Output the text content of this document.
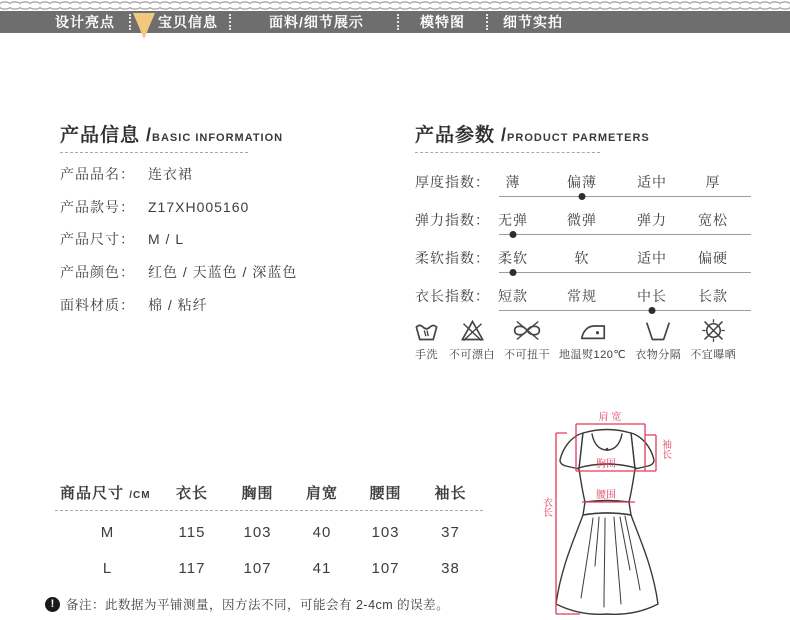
设计亮点	宝贝信息	面料/细节展示	模特图	细节实拍
产品信息 /BASIC INFORMATION
产品品名： 连衣裙
产品款号： Z17XH005160
产品尺寸： M / L
产品颜色： 红色 / 天蓝色 / 深蓝色
面料材质： 棉 / 粘纤
产品参数 /PRODUCT PARMETERS
厚度指数： 薄	偏薄	适中	厚
弹力指数： 无弹	微弹	弹力 宽松
柔软指数： 柔软	软	适中 偏硬
衣长指数： 短款	常规	中长 长款
手洗 不可漂白 不可扭干 地温熨120℃ 衣物分隔 不宜曝晒
商品尺寸 /CM	衣长	胸围	肩宽	腰围	袖长
M	115	103	40	103	37
L	117	107	41	107	38
! 备注：此数据为平铺测量，因方法不同，可能会有 2-4cm 的误差。
肩 宽
胸围
腰围
袖长
衣长
